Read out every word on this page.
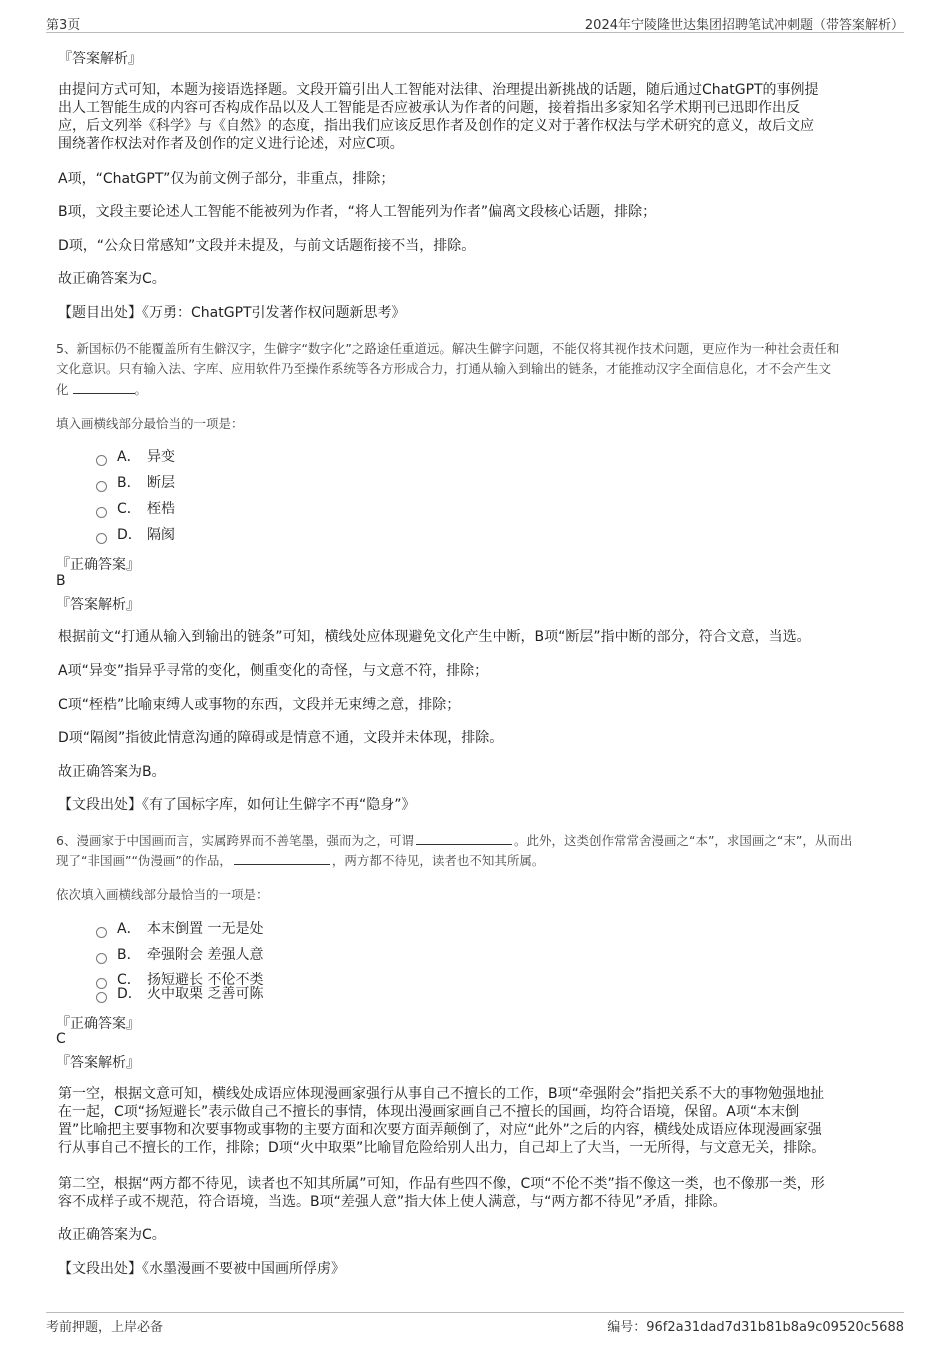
第3页	2024年宁陵隆世达集团招聘笔试冲刺题（带答案解析）
『答案解析』
由提问方式可知，本题为接语选择题。文段开篇引出人工智能对法律、治理提出新挑战的话题，随后通过ChatGPT的事例提
出人工智能生成的内容可否构成作品以及人工智能是否应被承认为作者的问题，接着指出多家知名学术期刊已迅即作出反
应，后文列举《科学》与《自然》的态度，指出我们应该反思作者及创作的定义对于著作权法与学术研究的意义，故后文应
围绕著作权法对作者及创作的定义进行论述，对应C项。
A项，“ChatGPT”仅为前文例子部分，非重点，排除；
B项，文段主要论述人工智能不能被列为作者，“将人工智能列为作者”偏离文段核心话题，排除；
D项，“公众日常感知”文段并未提及，与前文话题衔接不当，排除。
故正确答案为C。
【题目出处】《万勇：ChatGPT引发著作权问题新思考》
5、新国标仍不能覆盖所有生僻汉字，生僻字“数字化”之路途任重道远。解决生僻字问题，不能仅将其视作技术问题，更应作为一种社会责任和
文化意识。只有输入法、字库、应用软件乃至操作系统等各方形成合力，打通从输入到输出的链条，才能推动汉字全面信息化，才不会产生文
化	。
填入画横线部分最恰当的一项是：
A． 异变
B． 断层
C． 桎梏
D． 隔阂
『正确答案』
B
『答案解析』
根据前文“打通从输入到输出的链条”可知，横线处应体现避免文化产生中断，B项“断层”指中断的部分，符合文意，当选。
A项“异变”指异乎寻常的变化，侧重变化的奇怪，与文意不符，排除；
C项“桎梏”比喻束缚人或事物的东西，文段并无束缚之意，排除；
D项“隔阂”指彼此情意沟通的障碍或是情意不通，文段并未体现，排除。
故正确答案为B。
【文段出处】《有了国标字库，如何让生僻字不再“隐身”》
6、漫画家于中国画而言，实属跨界而不善笔墨，强而为之，可谓	。此外，这类创作常常舍漫画之“本”，求国画之“末”，从而出
现了“非国画”“伪漫画”的作品，	，两方都不待见，读者也不知其所属。
依次填入画横线部分最恰当的一项是：
A． 本末倒置 一无是处
B． 牵强附会 差强人意
C． 扬短避长 不伦不类
D． 火中取栗 乏善可陈
『正确答案』
C
『答案解析』
第一空，根据文意可知，横线处成语应体现漫画家强行从事自己不擅长的工作，B项“牵强附会”指把关系不大的事物勉强地扯
在一起，C项“扬短避长”表示做自己不擅长的事情，体现出漫画家画自己不擅长的国画，均符合语境，保留。A项“本末倒
置”比喻把主要事物和次要事物或事物的主要方面和次要方面弄颠倒了，对应“此外”之后的内容，横线处成语应体现漫画家强
行从事自己不擅长的工作，排除；D项“火中取栗”比喻冒危险给别人出力，自己却上了大当，一无所得，与文意无关，排除。
第二空，根据“两方都不待见，读者也不知其所属”可知，作品有些四不像，C项“不伦不类”指不像这一类，也不像那一类，形
容不成样子或不规范，符合语境，当选。B项“差强人意”指大体上使人满意，与“两方都不待见”矛盾，排除。
故正确答案为C。
【文段出处】《水墨漫画不要被中国画所俘虏》
考前押题，上岸必备	编号：96f2a31dad7d31b81b8a9c09520c5688
